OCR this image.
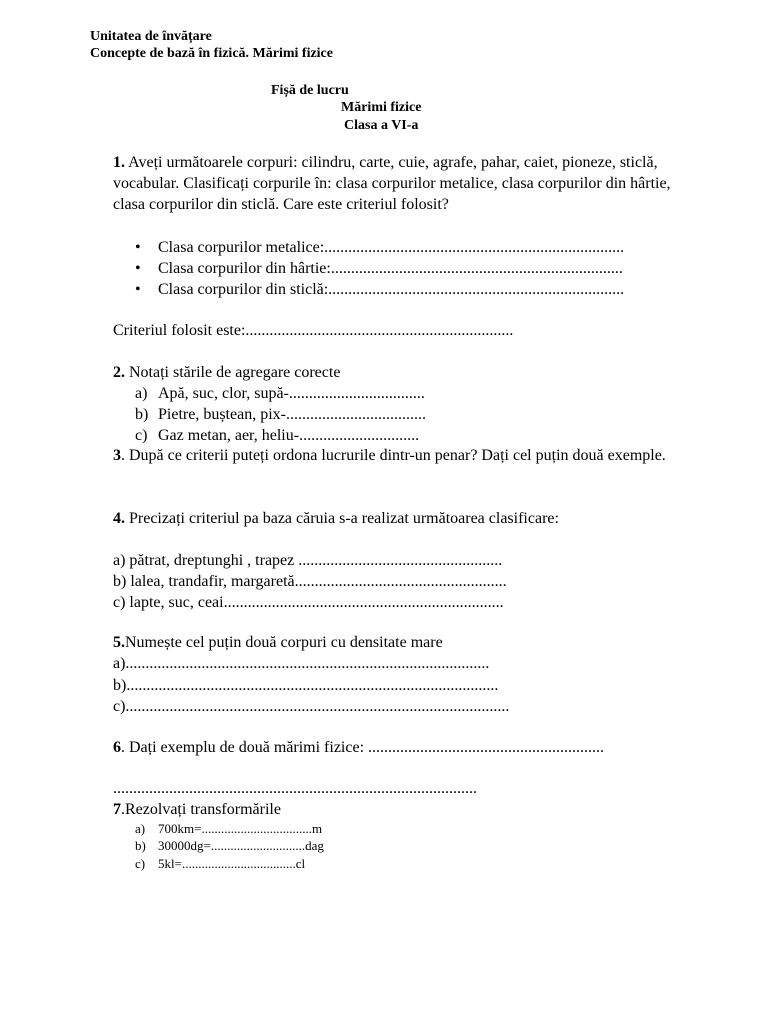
Unitatea de învățare
Concepte de bază în fizică. Mărimi fizice
Fișă de lucru
Mărimi fizice
Clasa a VI-a
1. Aveți următoarele corpuri: cilindru, carte, cuie, agrafe, pahar, caiet, pioneze, sticlă, vocabular. Clasificați corpurile în: clasa corpurilor metalice, clasa corpurilor din hârtie, clasa corpurilor din sticlă. Care este criteriul folosit?
• Clasa corpurilor metalice:...........................................................................
• Clasa corpurilor din hârtie:.........................................................................
• Clasa corpurilor din sticlă:..........................................................................
Criteriul folosit este:...................................................................
2. Notați stările de agregare corecte
a) Apă, suc, clor, supă-..................................
b) Pietre, buștean, pix-...................................
c) Gaz metan, aer, heliu-..............................
3. După ce criterii puteți ordona lucrurile dintr-un penar? Dați cel puțin două exemple.
4. Precizați criteriul pa baza căruia s-a realizat următoarea clasificare:
a) pătrat, dreptunghi , trapez ...................................................
b) lalea, trandafir, margaretă.....................................................
c) lapte, suc, ceai......................................................................
5.Numește cel puțin două corpuri cu densitate mare
a)...........................................................................................
b).............................................................................................
c)................................................................................................
6. Dați exemplu de două mărimi fizice: ...........................................................
...........................................................................................
7.Rezolvați transformările
a) 700km=..................................m
b) 30000dg=.............................dag
c) 5kl=...................................cl
